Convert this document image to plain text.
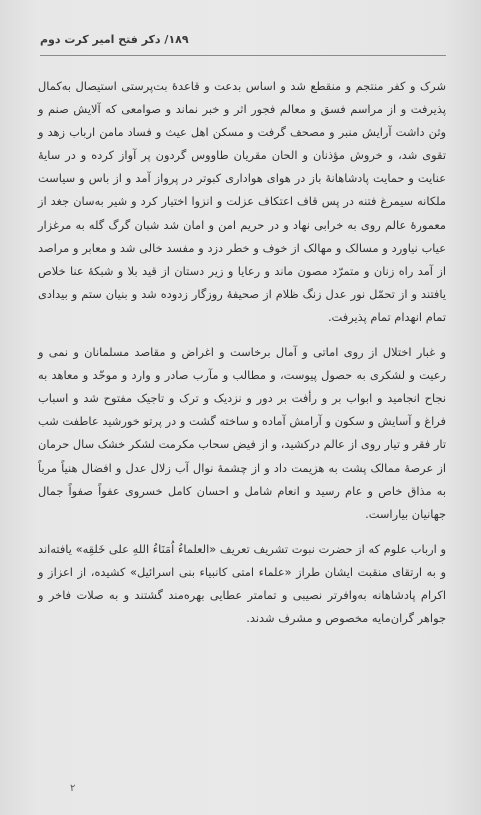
۱۸۹/ دکر فتح امیر کرت دوم

شرک و کفر منتجم و منقطع شد و اساس بدعت و قاعدۀ بت‌پرستی استیصال به‌کمال پذیرفت و از مراسم فسق و معالم فجور اثر و خبر نماند و صوامعی که آلایش صنم و وثن داشت آرایش منبر و مصحف گرفت و مسکن اهل عیث و فساد مامن ارباب زهد و تقوی شد، و خروش مؤذنان و الحان مقریان طاووس گردون پر آواز کرده و در سایۀ عنایت و حمایت پادشاهانۀ باز در هوای هواداری کبوتر در پرواز آمد و از باس و سیاست ملکانه سیمرغ فتنه در پس قاف اعتکاف عزلت و انزوا اختیار کرد و شیر به‌سان جغد از معمورۀ عالم روی به خرابی نهاد و در حریم امن و امان شد شبان گرگ گله به مرغزار عیاب نیاورد و مسالک و مهالک از خوف و خطر دزد و مفسد خالی شد و معابر و مراصد از آمد راه زنان و متمرّد مصون ماند و رعایا و زیر دستان از قید بلا و شبکۀ عنا خلاص یافتند و از تحمّل نور عدل زنگ ظلام از صحیفۀ روزگار زدوده شد و بنیان ستم و بیدادی تمام انهدام تمام پذیرفت.

و غبار اختلال از روی اماتی و آمال برخاست و اغراض و مقاصد مسلمانان و نمی و رعیت و لشکری به حصول پیوست، و مطالب و مآرب صادر و وارد و موحّد و معاهد به نجاح انجامید و ابواب بر و رأفت بر دور و نزدیک و ترک و تاجیک مفتوح شد و اسباب فراغ و آسایش و سکون و آرامش آماده و ساخته گشت و در پرتو خورشید عاطفت شب تار فقر و تیار روی از عالم درکشید، و از فیض سحاب مکرمت لشکر خشک سال حرمان از عرصۀ ممالک پشت به هزیمت داد و از چشمۀ نوال آب زلال عدل و افضال هنیاً مریاً به مذاق خاص و عام رسید و انعام شامل و احسان کامل خسروی عفواً صفواً جمال جهانیان بیاراست.

و ارباب علوم که از حضرت نبوت تشریف تعریف «العلماءُ اُمَنَاءُ اللهِ علی خَلقِه» یافته‌اند و به ارتقای منقبت ایشان طراز «علماء امتی کانبیاء بنی اسرائیل» کشیده، از اعزاز و اکرام پادشاهانه به‌وافرتر نصیبی و تمامتر عطایی بهره‌مند گشتند و به صلات فاخر و جواهر گران‌مایه مخصوص و مشرف شدند.

۲
